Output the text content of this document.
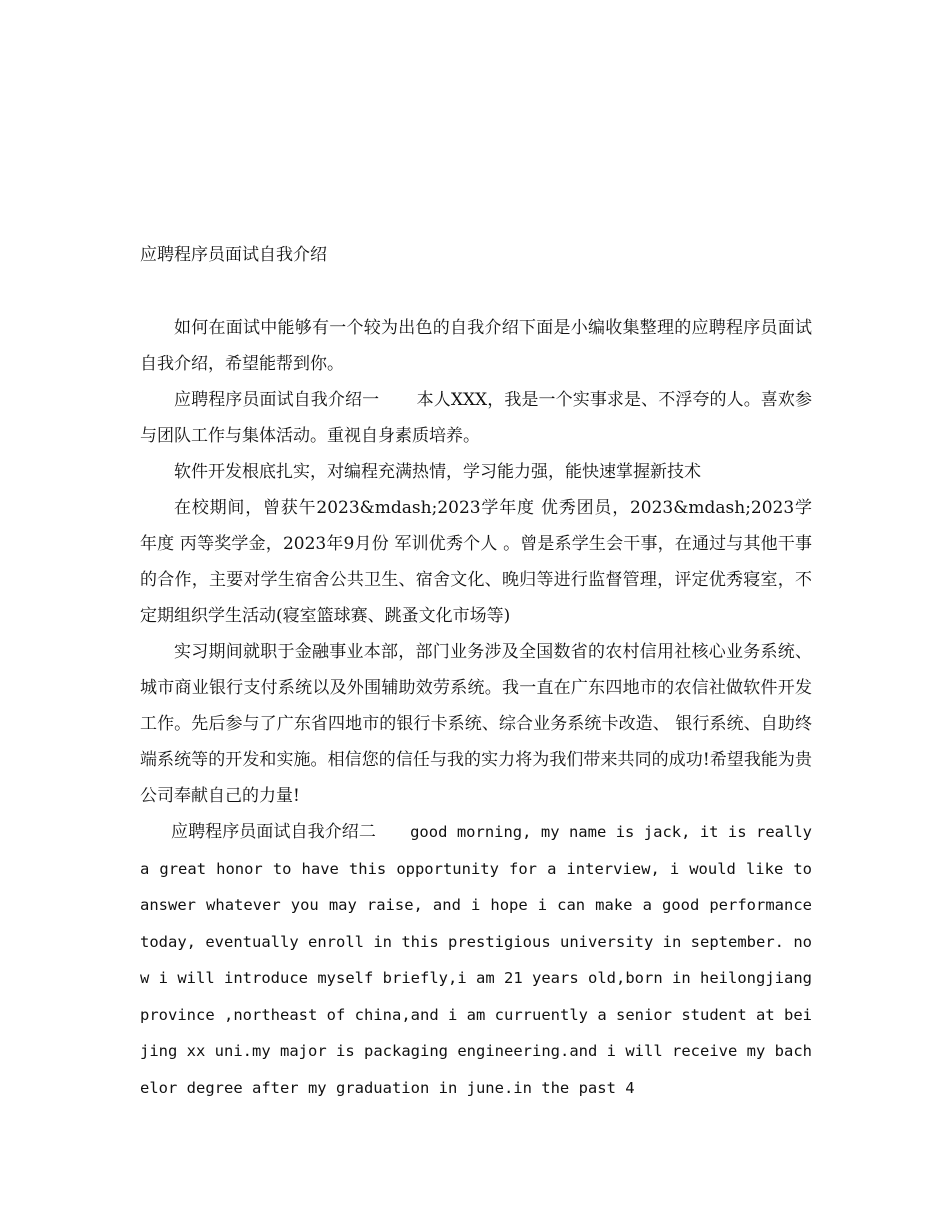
应聘程序员面试自我介绍

如何在面试中能够有一个较为出色的自我介绍下面是小编收集整理的应聘程序员面试自我介绍，希望能帮到你。

应聘程序员面试自我介绍一 本人XXX，我是一个实事求是、不浮夸的人。喜欢参与团队工作与集体活动。重视自身素质培养。

软件开发根底扎实，对编程充满热情，学习能力强，能快速掌握新技术

在校期间，曾获午2023&mdash;2023学年度 优秀团员，2023&mdash;2023学年度 丙等奖学金，2023年9月份 军训优秀个人 。曾是系学生会干事，在通过与其他干事的合作，主要对学生宿舍公共卫生、宿舍文化、晚归等进行监督管理，评定优秀寝室，不定期组织学生活动(寝室篮球赛、跳蚤文化市场等)

实习期间就职于金融事业本部，部门业务涉及全国数省的农村信用社核心业务系统、城市商业银行支付系统以及外围辅助效劳系统。我一直在广东四地市的农信社做软件开发工作。先后参与了广东省四地市的银行卡系统、综合业务系统卡改造、 银行系统、自助终端系统等的开发和实施。相信您的信任与我的实力将为我们带来共同的成功!希望我能为贵公司奉献自己的力量!

应聘程序员面试自我介绍二 good morning, my name is jack, it is really a great honor to have this opportunity for a interview, i would like to answer whatever you may raise, and i hope i can make a good performance today, eventually enroll in this prestigious university in september. now i will introduce myself briefly,i am 21 years old,born in heilongjiang province ,northeast of china,and i am curruently a senior student at beijing xx uni.my major is packaging engineering.and i will receive my bachelor degree after my graduation in june.in the past 4
